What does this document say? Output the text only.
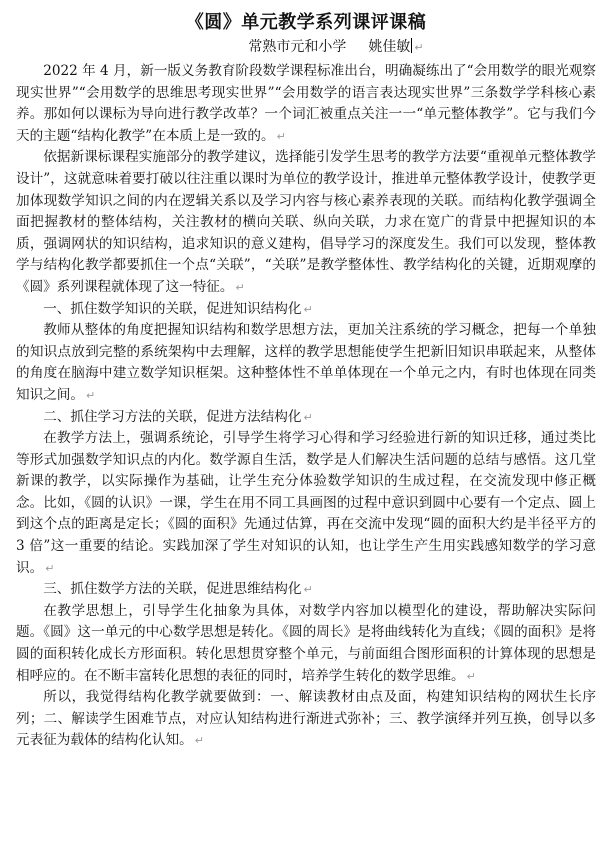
《圆》单元教学系列课评课稿
常熟市元和小学 姚佳敏 ↵

2022 年 4 月，新一版义务教育阶段数学课程标准出台，明确凝练出了“会用数学的眼光观察现实世界”“会用数学的思维思考现实世界”“会用数学的语言表达现实世界”三条数学学科核心素养。那如何以课标为导向进行教学改革？一个词汇被重点关注一一“单元整体教学”。它与我们今天的主题“结构化教学”在本质上是一致的。 ↵

依据新课标课程实施部分的教学建议，选择能引发学生思考的教学方法要“重视单元整体教学设计”，这就意味着要打破以往注重以课时为单位的教学设计，推进单元整体教学设计，使教学更加体现数学知识之间的内在逻辑关系以及学习内容与核心素养表现的关联。而结构化教学强调全面把握教材的整体结构，关注教材的横向关联、纵向关联，力求在宽广的背景中把握知识的本质，强调网状的知识结构，追求知识的意义建构，倡导学习的深度发生。我们可以发现，整体教学与结构化教学都要抓住一个点“关联”，“关联”是教学整体性、教学结构化的关键，近期观摩的《圆》系列课程就体现了这一特征。 ↵

一、抓住数学知识的关联，促进知识结构化 ↵

教师从整体的角度把握知识结构和数学思想方法，更加关注系统的学习概念，把每一个单独的知识点放到完整的系统架构中去理解，这样的教学思想能使学生把新旧知识串联起来，从整体的角度在脑海中建立数学知识框架。这种整体性不单单体现在一个单元之内，有时也体现在同类知识之间。 ↵

二、抓住学习方法的关联，促进方法结构化 ↵

在教学方法上，强调系统论，引导学生将学习心得和学习经验进行新的知识迁移，通过类比等形式加强数学知识点的内化。数学源自生活，数学是人们解决生活问题的总结与感悟。这几堂新课的教学，以实际操作为基础，让学生充分体验数学知识的生成过程，在交流发现中修正概念。比如，《圆的认识》一课，学生在用不同工具画图的过程中意识到圆中心要有一个定点、圆上到这个点的距离是定长；《圆的面积》先通过估算，再在交流中发现“圆的面积大约是半径平方的 3 倍”这一重要的结论。实践加深了学生对知识的认知，也让学生产生用实践感知数学的学习意识。 ↵

三、抓住数学方法的关联，促进思维结构化 ↵

在教学思想上，引导学生化抽象为具体，对数学内容加以模型化的建设，帮助解决实际问题。《圆》这一单元的中心数学思想是转化。《圆的周长》是将曲线转化为直线；《圆的面积》是将圆的面积转化成长方形面积。转化思想贯穿整个单元，与前面组合图形面积的计算体现的思想是相呼应的。在不断丰富转化思想的表征的同时，培养学生转化的数学思维。 ↵

所以，我觉得结构化教学就要做到：一、解读教材由点及面，构建知识结构的网状生长序列；二、解读学生困难节点，对应认知结构进行渐进式弥补；三、教学演绎并列互换，创导以多元表征为载体的结构化认知。 ↵
